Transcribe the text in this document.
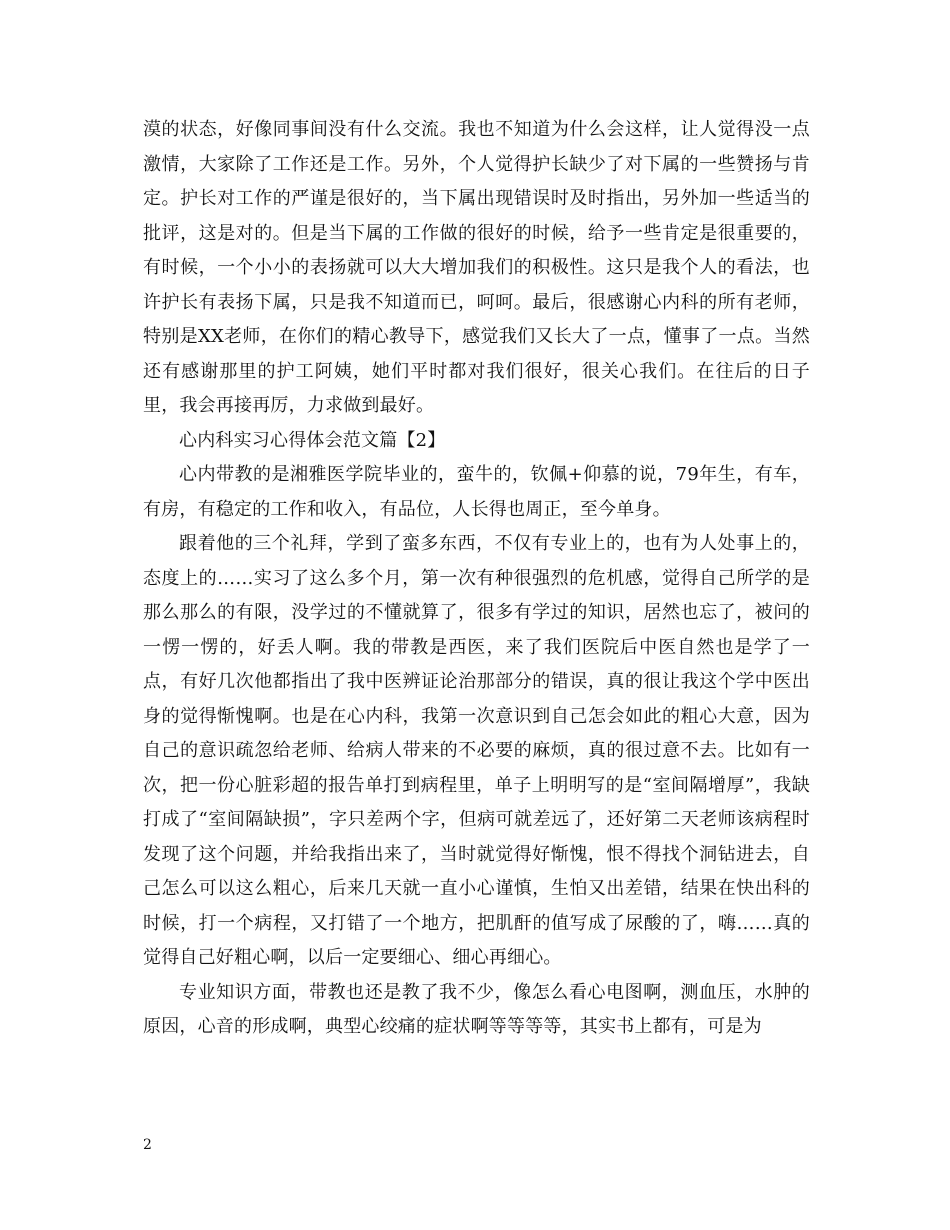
漠的状态，好像同事间没有什么交流。我也不知道为什么会这样，让人觉得没一点激情，大家除了工作还是工作。另外，个人觉得护长缺少了对下属的一些赞扬与肯定。护长对工作的严谨是很好的，当下属出现错误时及时指出，另外加一些适当的批评，这是对的。但是当下属的工作做的很好的时候，给予一些肯定是很重要的，有时候，一个小小的表扬就可以大大增加我们的积极性。这只是我个人的看法，也许护长有表扬下属，只是我不知道而已，呵呵。最后，很感谢心内科的所有老师，特别是XX老师，在你们的精心教导下，感觉我们又长大了一点，懂事了一点。当然还有感谢那里的护工阿姨，她们平时都对我们很好，很关心我们。在往后的日子里，我会再接再厉，力求做到最好。

心内科实习心得体会范文篇【2】

心内带教的是湘雅医学院毕业的，蛮牛的，钦佩+仰慕的说，79年生，有车，有房，有稳定的工作和收入，有品位，人长得也周正，至今单身。

跟着他的三个礼拜，学到了蛮多东西，不仅有专业上的，也有为人处事上的，态度上的……实习了这么多个月，第一次有种很强烈的危机感，觉得自己所学的是那么那么的有限，没学过的不懂就算了，很多有学过的知识，居然也忘了，被问的一愣一愣的，好丢人啊。我的带教是西医，来了我们医院后中医自然也是学了一点，有好几次他都指出了我中医辨证论治那部分的错误，真的很让我这个学中医出身的觉得惭愧啊。也是在心内科，我第一次意识到自己怎会如此的粗心大意，因为自己的意识疏忽给老师、给病人带来的不必要的麻烦，真的很过意不去。比如有一次，把一份心脏彩超的报告单打到病程里，单子上明明写的是“室间隔增厚”，我缺打成了“室间隔缺损”，字只差两个字，但病可就差远了，还好第二天老师该病程时发现了这个问题，并给我指出来了，当时就觉得好惭愧，恨不得找个洞钻进去，自己怎么可以这么粗心，后来几天就一直小心谨慎，生怕又出差错，结果在快出科的时候，打一个病程，又打错了一个地方，把肌酐的值写成了尿酸的了，嗨……真的觉得自己好粗心啊，以后一定要细心、细心再细心。

专业知识方面，带教也还是教了我不少，像怎么看心电图啊，测血压，水肿的原因，心音的形成啊，典型心绞痛的症状啊等等等等，其实书上都有，可是为

2
